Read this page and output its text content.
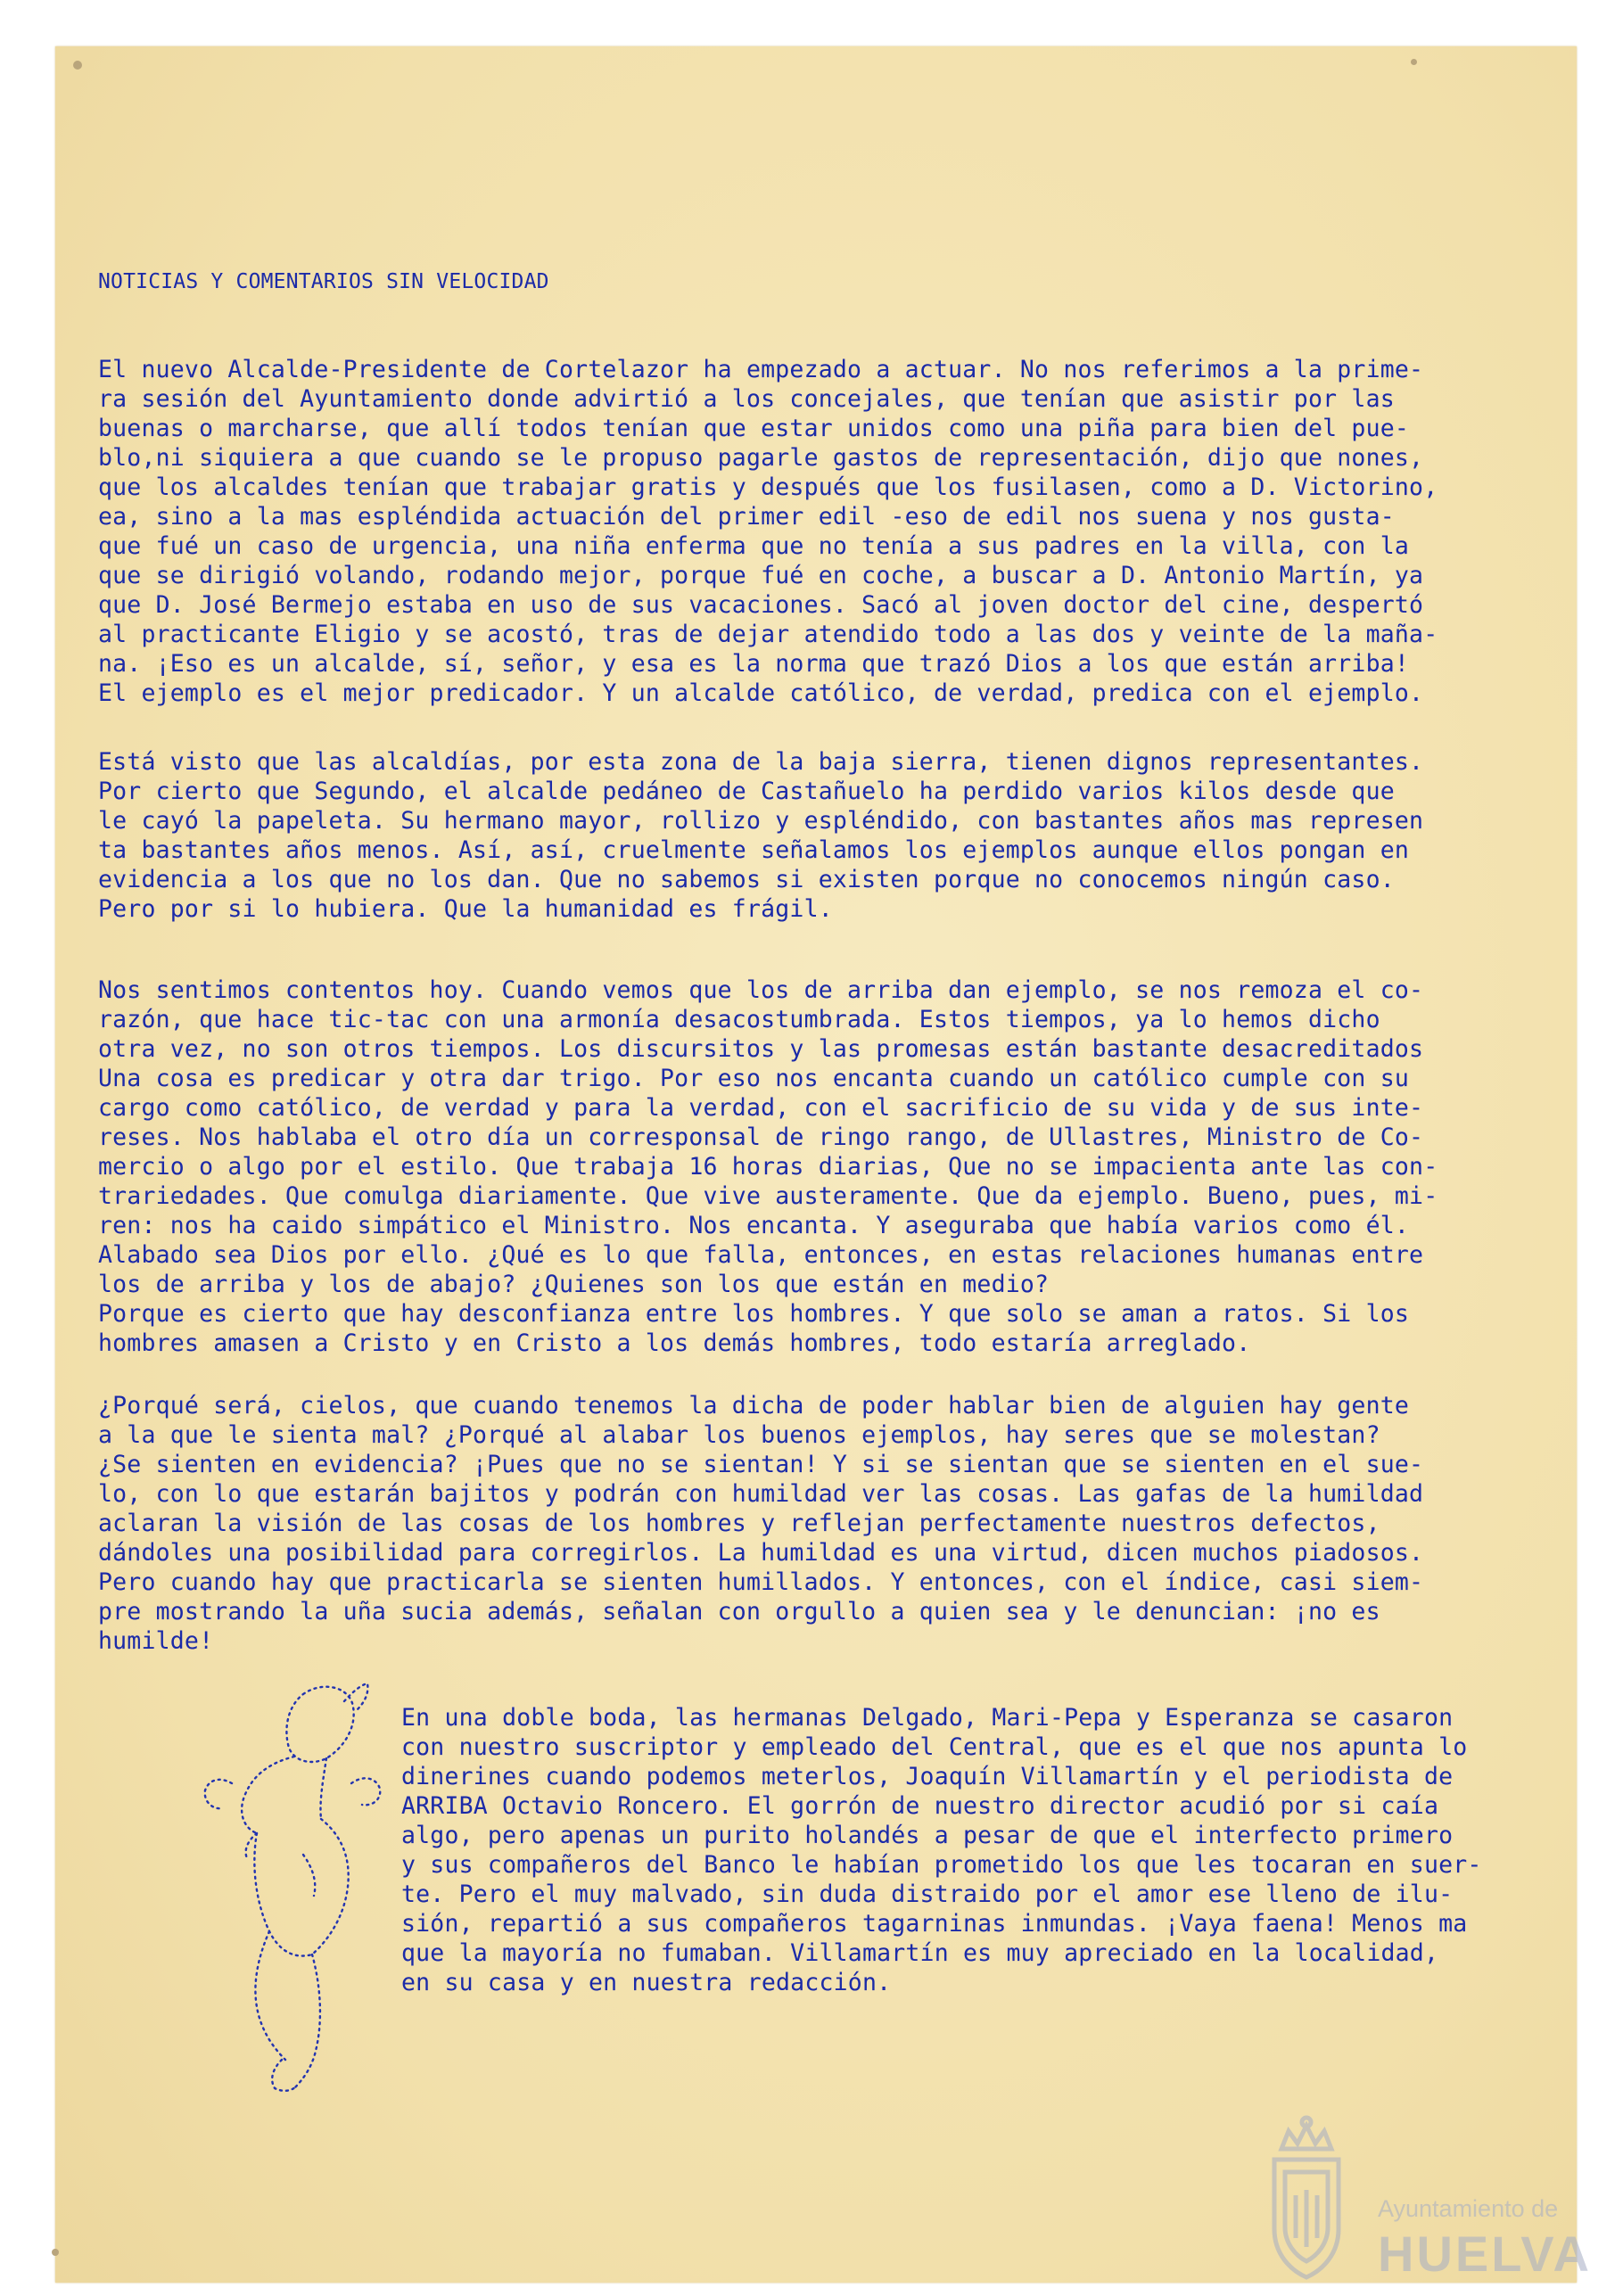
NOTICIAS Y COMENTARIOS SIN VELOCIDAD
El nuevo Alcalde-Presidente de Cortelazor ha empezado a actuar. No nos referimos a la prime-
ra sesión del Ayuntamiento donde advirtió a los concejales, que tenían que asistir por las
buenas o marcharse, que allí todos tenían que estar unidos como una piña para bien del pue-
blo,ni siquiera a que cuando se le propuso pagarle gastos de representación, dijo que nones,
que los alcaldes tenían que trabajar gratis y después que los fusilasen, como a D. Victorino,
ea, sino a la mas espléndida actuación del primer edil -eso de edil nos suena y nos gusta-
que fué un caso de urgencia, una niña enferma que no tenía a sus padres en la villa, con la
que se dirigió volando, rodando mejor, porque fué en coche, a buscar a D. Antonio Martín, ya
que D. José Bermejo estaba en uso de sus vacaciones. Sacó al joven doctor del cine, despertó
al practicante Eligio y se acostó, tras de dejar atendido todo a las dos y veinte de la maña-
na. ¡Eso es un alcalde, sí, señor, y esa es la norma que trazó Dios a los que están arriba!
El ejemplo es el mejor predicador. Y un alcalde católico, de verdad, predica con el ejemplo.
Está visto que las alcaldías, por esta zona de la baja sierra, tienen dignos representantes.
Por cierto que Segundo, el alcalde pedáneo de Castañuelo ha perdido varios kilos desde que
le cayó la papeleta. Su hermano mayor, rollizo y espléndido, con bastantes años mas represen
ta bastantes años menos. Así, así, cruelmente señalamos los ejemplos aunque ellos pongan en
evidencia a los que no los dan. Que no sabemos si existen porque no conocemos ningún caso.
Pero por si lo hubiera. Que la humanidad es frágil.
Nos sentimos contentos hoy. Cuando vemos que los de arriba dan ejemplo, se nos remoza el co-
razón, que hace tic-tac con una armonía desacostumbrada. Estos tiempos, ya lo hemos dicho
otra vez, no son otros tiempos. Los discursitos y las promesas están bastante desacreditados
Una cosa es predicar y otra dar trigo. Por eso nos encanta cuando un católico cumple con su
cargo como católico, de verdad y para la verdad, con el sacrificio de su vida y de sus inte-
reses. Nos hablaba el otro día un corresponsal de ringo rango, de Ullastres, Ministro de Co-
mercio o algo por el estilo. Que trabaja 16 horas diarias, Que no se impacienta ante las con-
trariedades. Que comulga diariamente. Que vive austeramente. Que da ejemplo. Bueno, pues, mi-
ren: nos ha caido simpático el Ministro. Nos encanta. Y aseguraba que había varios como él.
Alabado sea Dios por ello. ¿Qué es lo que falla, entonces, en estas relaciones humanas entre
los de arriba y los de abajo? ¿Quienes son los que están en medio?
Porque es cierto que hay desconfianza entre los hombres. Y que solo se aman a ratos. Si los
hombres amasen a Cristo y en Cristo a los demás hombres, todo estaría arreglado.
¿Porqué será, cielos, que cuando tenemos la dicha de poder hablar bien de alguien hay gente
a la que le sienta mal? ¿Porqué al alabar los buenos ejemplos, hay seres que se molestan?
¿Se sienten en evidencia? ¡Pues que no se sientan! Y si se sientan que se sienten en el sue-
lo, con lo que estarán bajitos y podrán con humildad ver las cosas. Las gafas de la humildad
aclaran la visión de las cosas de los hombres y reflejan perfectamente nuestros defectos,
dándoles una posibilidad para corregirlos. La humildad es una virtud, dicen muchos piadosos.
Pero cuando hay que practicarla se sienten humillados. Y entonces, con el índice, casi siem-
pre mostrando la uña sucia además, señalan con orgullo a quien sea y le denuncian: ¡no es
humilde!
En una doble boda, las hermanas Delgado, Mari-Pepa y Esperanza se casaron
con nuestro suscriptor y empleado del Central, que es el que nos apunta lo
dinerines cuando podemos meterlos, Joaquín Villamartín y el periodista de
ARRIBA Octavio Roncero. El gorrón de nuestro director acudió por si caía
algo, pero apenas un purito holandés a pesar de que el interfecto primero
y sus compañeros del Banco le habían prometido los que les tocaran en suer-
te. Pero el muy malvado, sin duda distraido por el amor ese lleno de ilu-
sión, repartió a sus compañeros tagarninas inmundas. ¡Vaya faena! Menos ma
que la mayoría no fumaban. Villamartín es muy apreciado en la localidad,
en su casa y en nuestra redacción.
Ayuntamiento de
HUELVA
